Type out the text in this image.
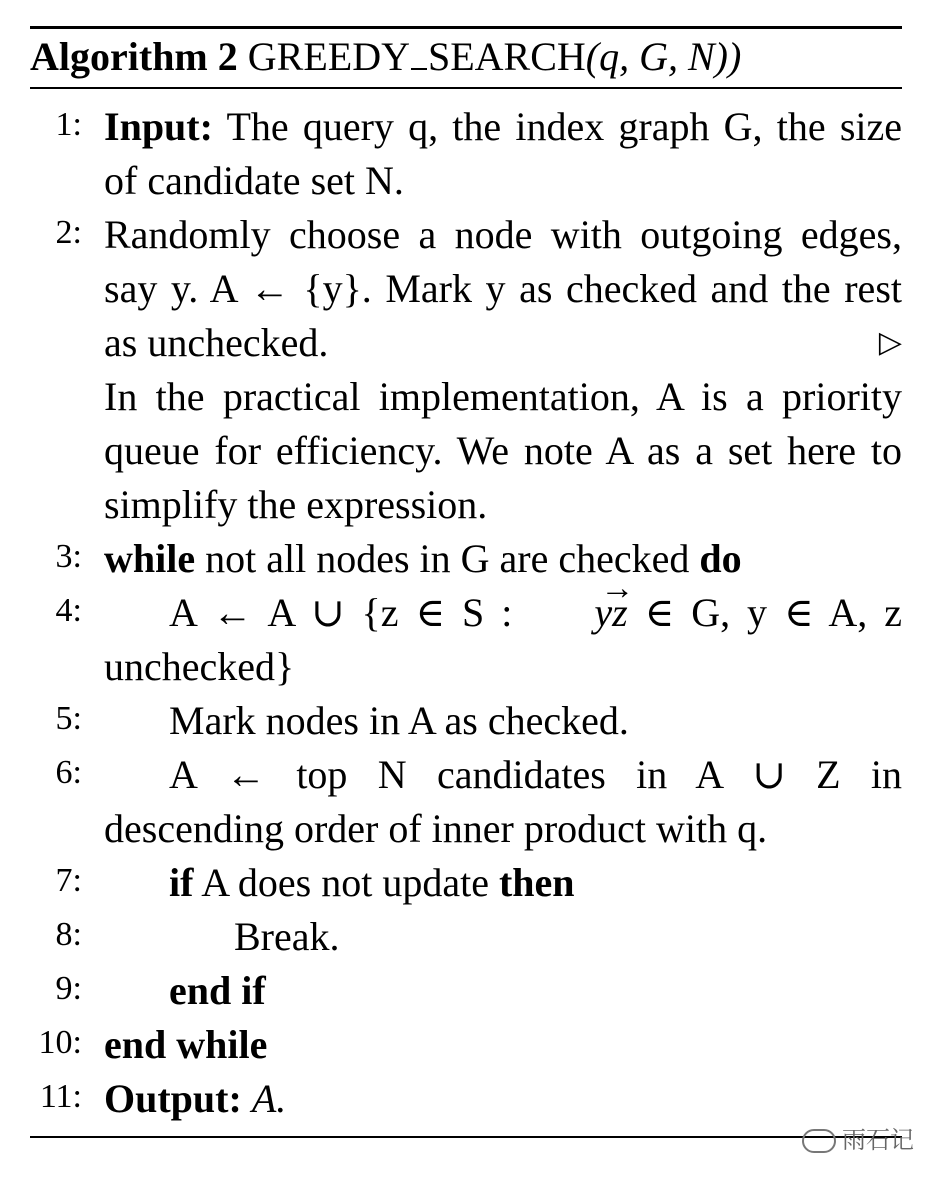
Algorithm 2 GREEDY SEARCH(q, G, N))
1: Input: The query q, the index graph G, the size of candidate set N.
2: Randomly choose a node with outgoing edges, say y. A ← {y}. Mark y as checked and the rest as unchecked.	▷

In the practical implementation, A is a priority queue for efficiency. We note A as a set here to simplify the expression.
3: while not all nodes in G are checked do
4:	A ← A ∪ {z ∈ S : → yz ∈ G, y ∈ A, z unchecked}
5:	Mark nodes in A as checked.
6:	A ← top N candidates in A ∪ Z in descending order of inner product with q.
7:	if A does not update then
8:	Break.
9:	end if
10: end while
11: Output: A.
雨石记
